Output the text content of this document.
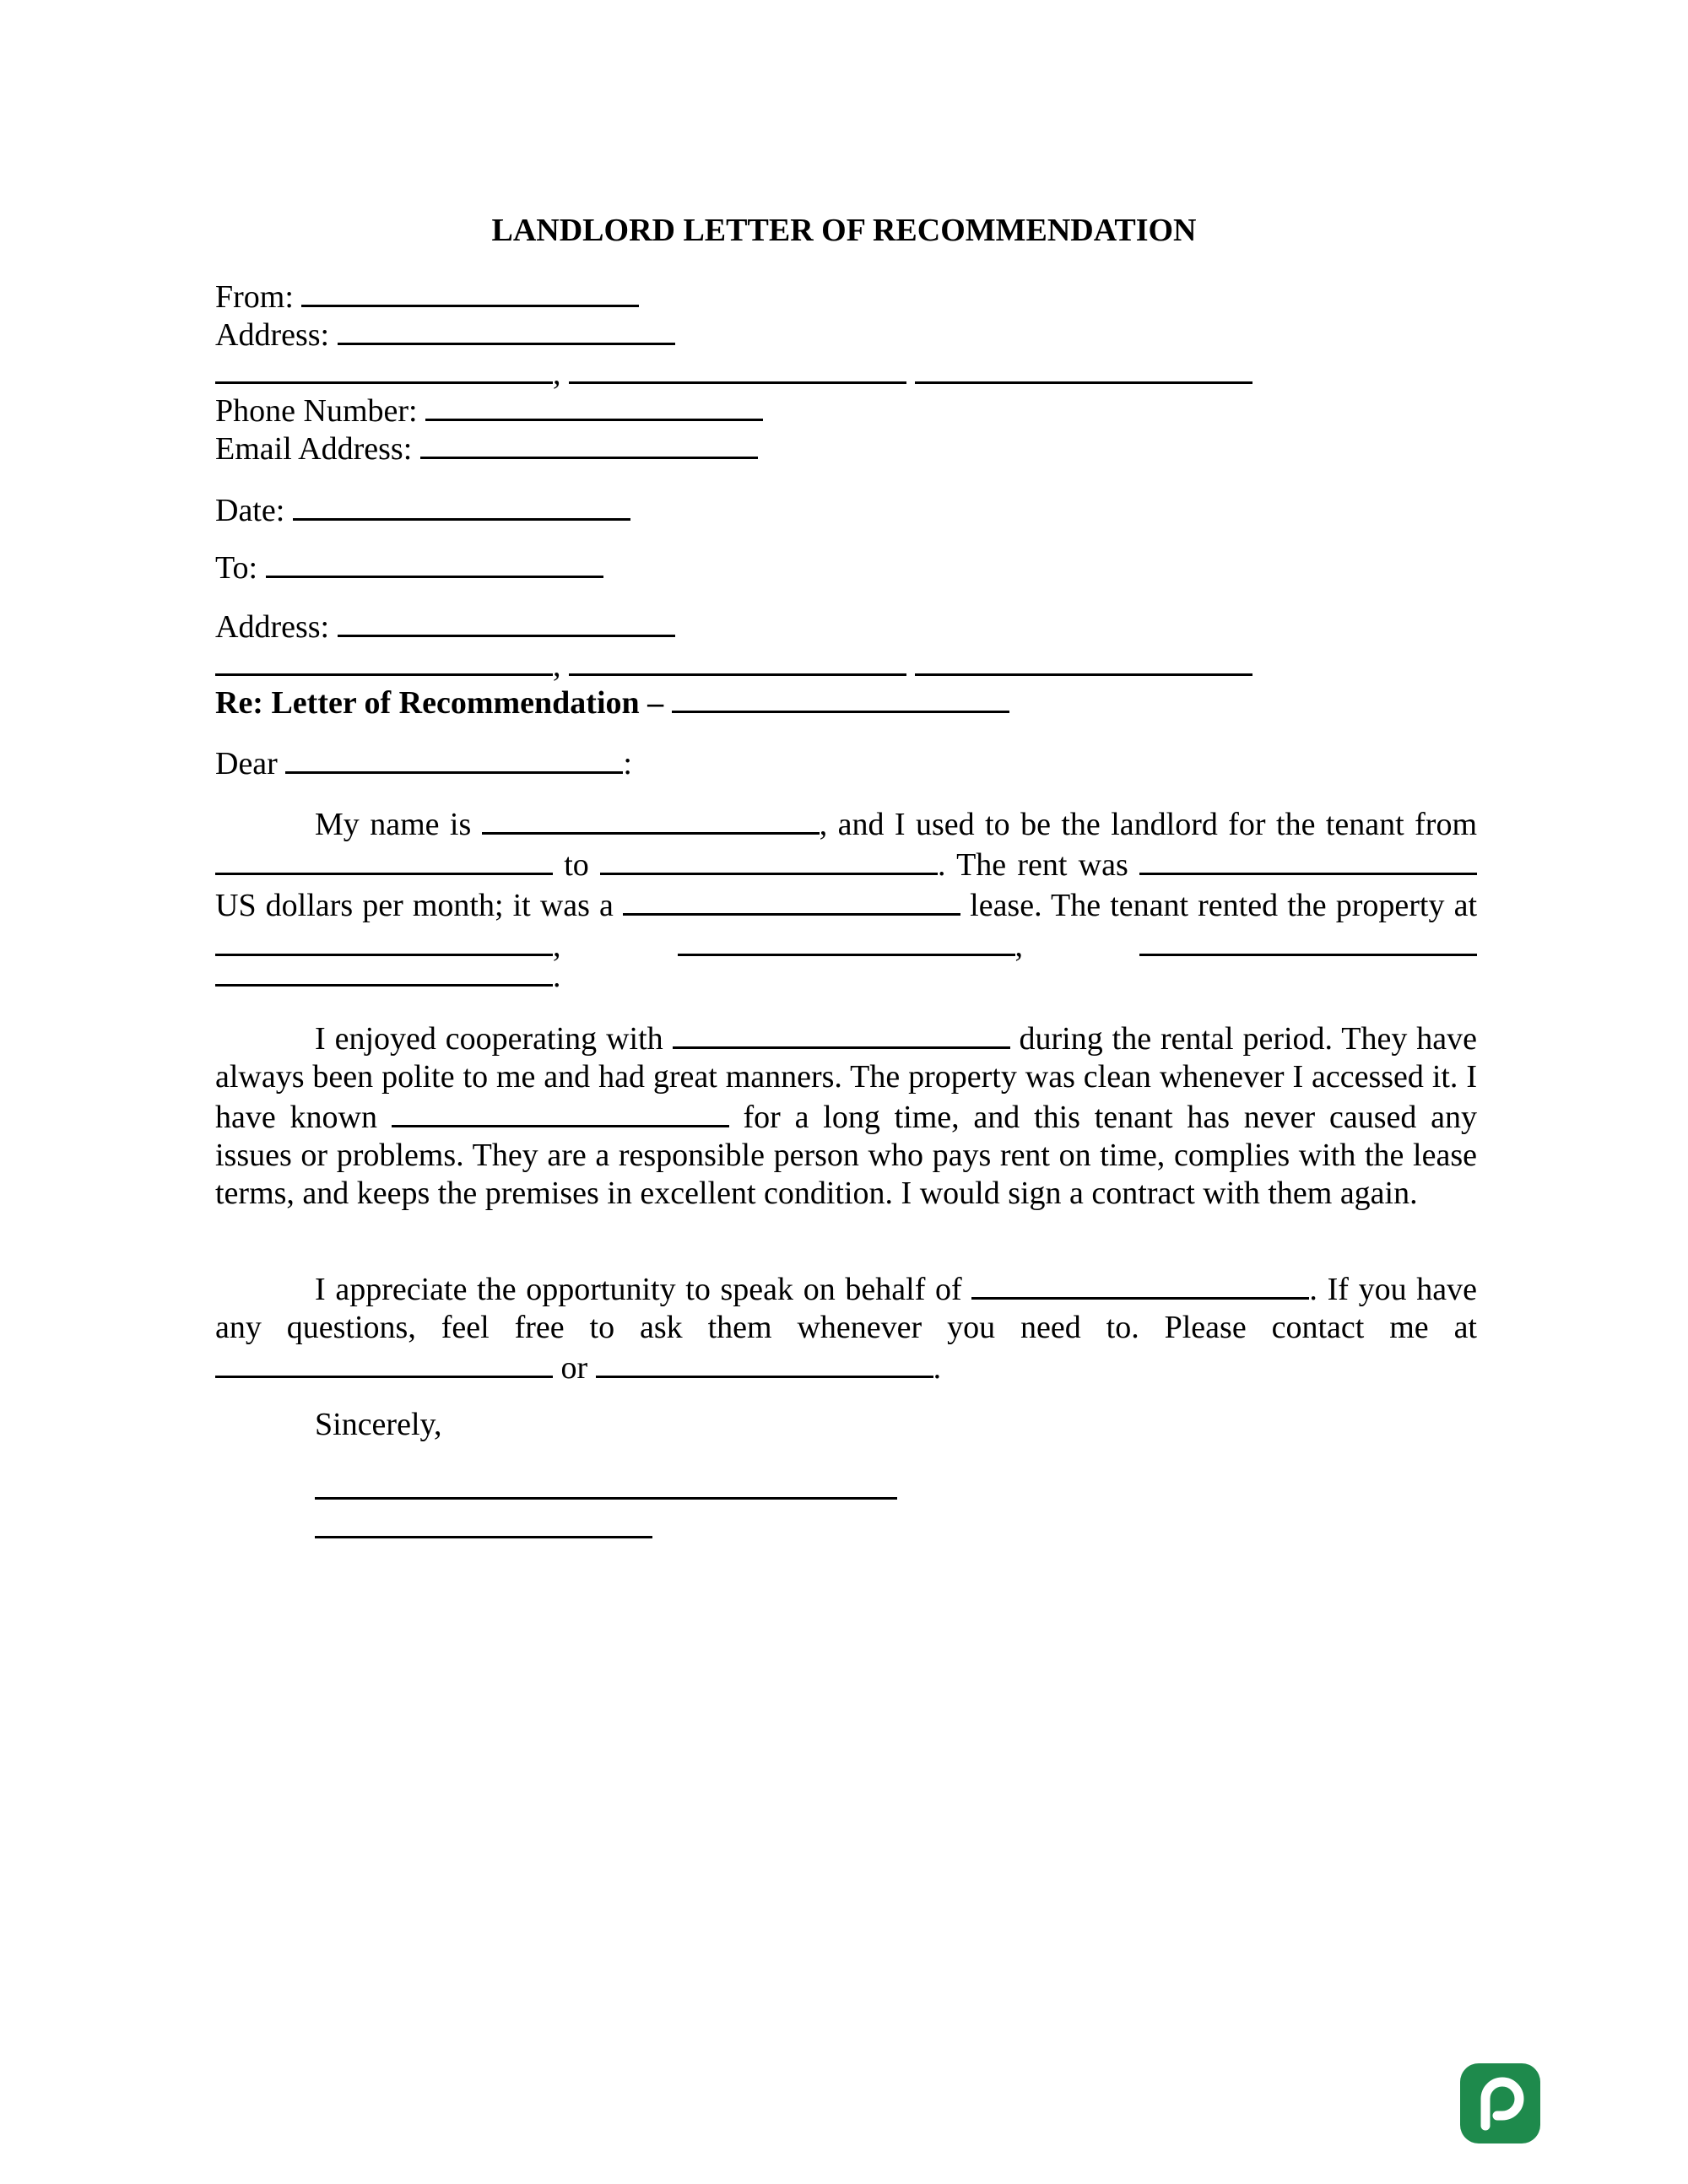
LANDLORD LETTER OF RECOMMENDATION
From:
Address:
,
Phone Number:
Email Address:
Date:
To:
Address:
,
Re: Letter of Recommendation –
Dear	:
My name is	, and I used to be the landlord for the tenant from  to	. The rent was  US dollars per month; it was a	lease. The tenant rented the property at ,	,
.
I enjoyed cooperating with	during the rental period. They have always been polite to me and had great manners. The property was clean whenever I accessed it. I have known	for a long time, and this tenant has never caused any issues or problems. They are a responsible person who pays rent on time, complies with the lease terms, and keeps the premises in excellent condition. I would sign a contract with them again.
I appreciate the opportunity to speak on behalf of	. If you have any questions, feel free to ask them whenever you need to. Please contact me at  or	.
Sincerely,
